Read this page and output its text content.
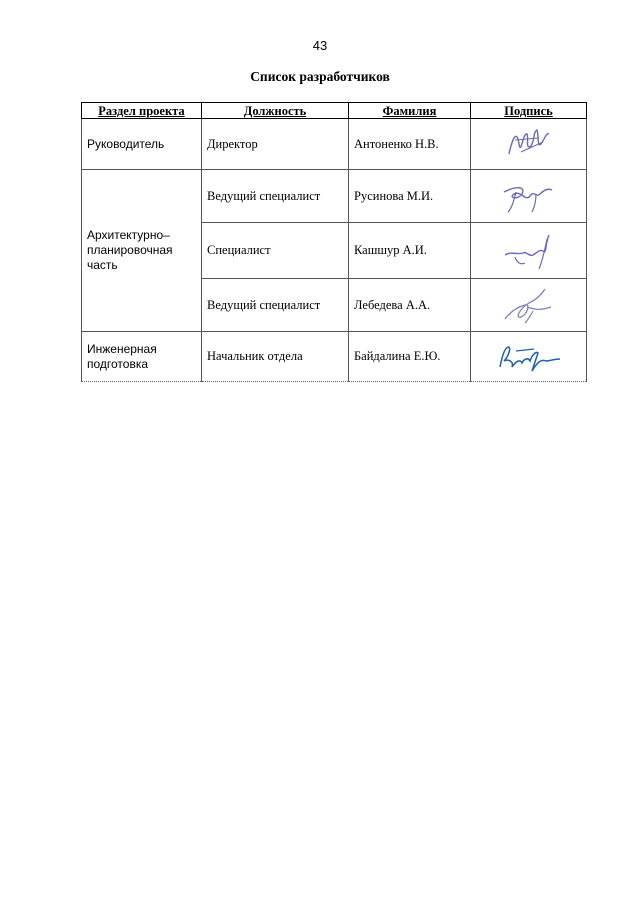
43
Список разработчиков
Раздел проекта	Должность	Фамилия	Подпись
Руководитель	Директор	Антоненко Н.В.	
Архитектурно–планировочная часть	Ведущий специалист	Русинова М.И.	
	Специалист	Кашшур А.И.	
	Ведущий специалист	Лебедева А.А.	
Инженерная подготовка	Начальник отдела	Байдалина Е.Ю.	
